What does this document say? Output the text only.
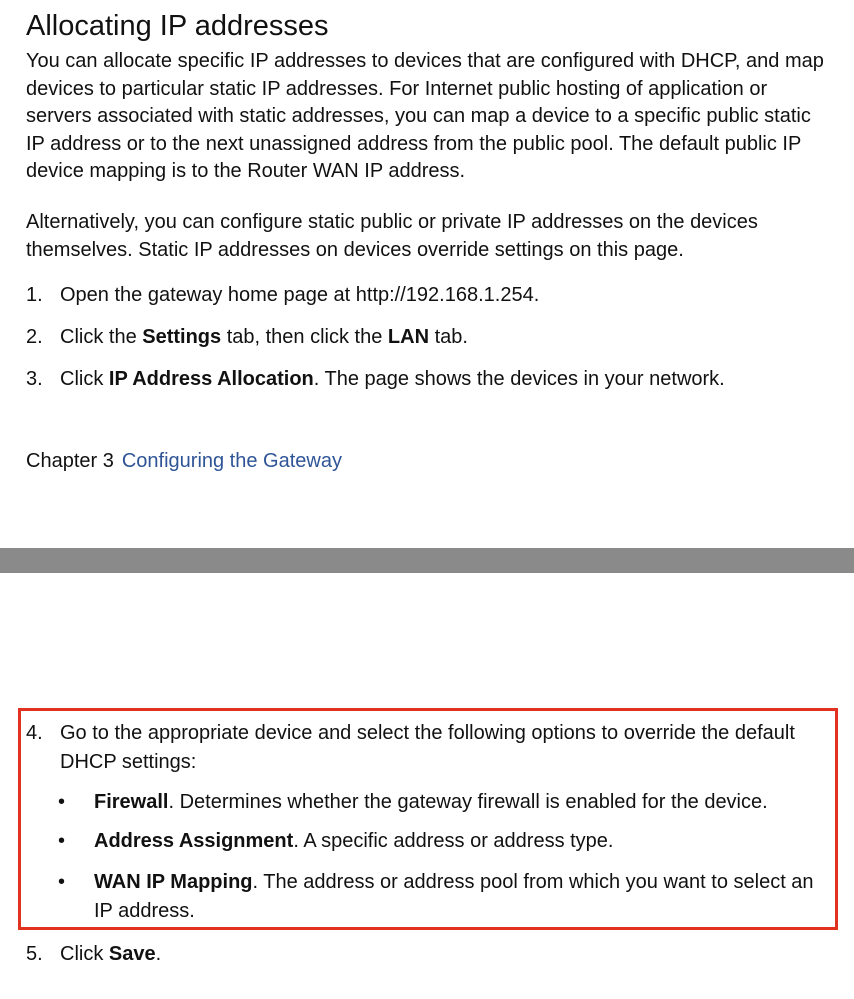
Allocating IP addresses

You can allocate specific IP addresses to devices that are configured with DHCP, and map devices to particular static IP addresses. For Internet public hosting of application or servers associated with static addresses, you can map a device to a specific public static IP address or to the next unassigned address from the public pool. The default public IP device mapping is to the Router WAN IP address.

Alternatively, you can configure static public or private IP addresses on the devices themselves. Static IP addresses on devices override settings on this page.

1. Open the gateway home page at http://192.168.1.254.
2. Click the Settings tab, then click the LAN tab.
3. Click IP Address Allocation. The page shows the devices in your network.
Chapter 3 Configuring the Gateway
4. Go to the appropriate device and select the following options to override the default DHCP settings:
•	Firewall. Determines whether the gateway firewall is enabled for the device.
•	Address Assignment. A specific address or address type.
•	WAN IP Mapping. The address or address pool from which you want to select an IP address.
5. Click Save.
